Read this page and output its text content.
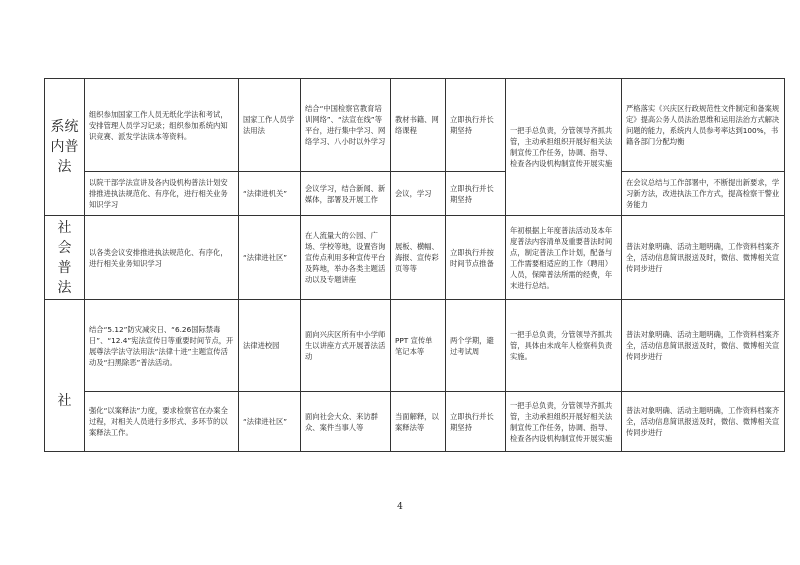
系统
内普
法	组织参加国家工作人员无纸化学法和考试，安排管理人员学习记录；组织参加系统内知识竞赛、派发学法读本等资料。	国家工作人员学法用法	结合“中国检察官教育培训网络”、“法宣在线”等平台，进行集中学习、网络学习、八小时以外学习	教材书籍、网络课程	立即执行并长期坚持	一把手总负责，分管领导齐抓共管，主动承担组织开展好相关法制宣传工作任务，协调、指导、检查各内设机构制宣传开展实施	严格落实《兴庆区行政规范性文件制定和备案规定》提高公务人员法治思维和运用法治方式解决问题的能力，系统内人员参考率达到100%，书籍各部门分配均衡
	以院干部学法宣讲及各内设机构普法计划安排推进执法规范化、有序化，进行相关业务知识学习	“法律进机关”	会议学习，结合新闻、新媒体，部署及开展工作	会议，学习	立即执行并长期坚持		在会议总结与工作部署中，不断提出新要求，学习新方法，改进执法工作方式，提高检察干警业务能力

社
会
普
法	以各类会议安排推进执法规范化、有序化，进行相关业务知识学习	“法律进社区”	在人流量大的公园、广场、学校等地，设置咨询宣传点利用多种宣传平台及阵地，举办各类主题活动以及专题讲座	展板、横幅、海报、宣传彩页等等	立即执行并按时间节点推备	年初根据上年度普法活动及本年度普法内容清单及重要普法时间点，制定普法工作计划，配备与工作需要相适应的工作（聘用）人员，保障普法所需的经费，年末进行总结。	普法对象明确、活动主题明确，工作资料档案齐全，活动信息简讯报送及时，微信、微博相关宣传同步进行

社	结合“5.12”防灾减灾日、“6.26国际禁毒日”、“12.4”宪法宣传日等重要时间节点，开展尊法学法守法用法“法律十进”主题宣传活动及“扫黑除恶”普法活动。	法律进校园	面向兴庆区所有中小学师生以讲座方式开展普法活动	PPT 宣传单 笔记本等	两个学期，避过考试周	一把手总负责，分管领导齐抓共管，具体由未成年人检察科负责实施。	普法对象明确、活动主题明确，工作资料档案齐全，活动信息简讯报送及时，微信、微博相关宣传同步进行
	强化“以案释法”力度，要求检察官在办案全过程，对相关人员进行多形式、多环节的以案释法工作。	“法律进社区”	面向社会大众、来访群众、案件当事人等	当面解释，以案释法等	立即执行并长期坚持	一把手总负责，分管领导齐抓共管，主动承担组织开展好相关法制宣传工作任务，协调、指导、检查各内设机构制宣传开展实施	普法对象明确、活动主题明确，工作资料档案齐全，活动信息简讯报送及时，微信、微博相关宣传同步进行
4
